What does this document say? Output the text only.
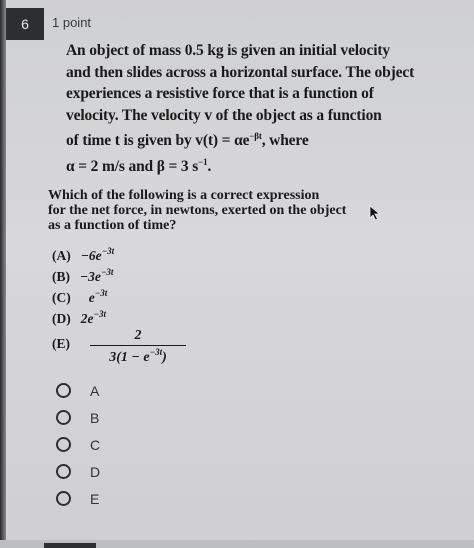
6 1 point
An object of mass 0.5 kg is given an initial velocity
and then slides across a horizontal surface. The object
experiences a resistive force that is a function of
velocity. The velocity v of the object as a function
of time t is given by $v(t) = \alpha e^{-\beta t}$, where
α = 2 m/s and β = 3 $s^{-1}$.
Which of the following is a correct expression
for the net force, in newtons, exerted on the object
as a function of time?
$(A) -6e^{-3t}$
$(B) -3e^{-3t}$
(C) $e^{-3t}$
(D) $2e^{-3t}$
$(E) \frac{2}{3(1 - e^{-3t})}$
A
B
C
D
E
